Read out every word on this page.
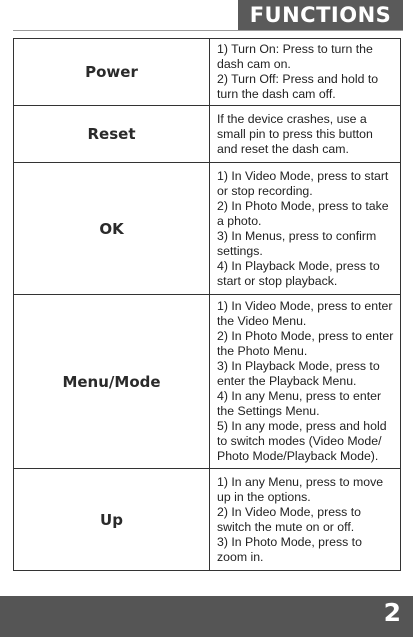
FUNCTIONS
Power	1) Turn On: Press to turn the dash cam on.
2) Turn Off: Press and hold to turn the dash cam off.

Reset	If the device crashes, use a small pin to press this button and reset the dash cam.

OK	1) In Video Mode, press to start or stop recording.
2) In Photo Mode, press to take a photo.
3) In Menus, press to confirm settings.
4) In Playback Mode, press to start or stop playback.

Menu/Mode	1) In Video Mode, press to enter the Video Menu.
2) In Photo Mode, press to enter the Photo Menu.
3) In Playback Mode, press to enter the Playback Menu.
4) In any Menu, press to enter the Settings Menu.
5) In any mode, press and hold to switch modes (Video Mode/ Photo Mode/Playback Mode).

Up	1) In any Menu, press to move up in the options.
2) In Video Mode, press to switch the mute on or off.
3) In Photo Mode, press to zoom in.
2
